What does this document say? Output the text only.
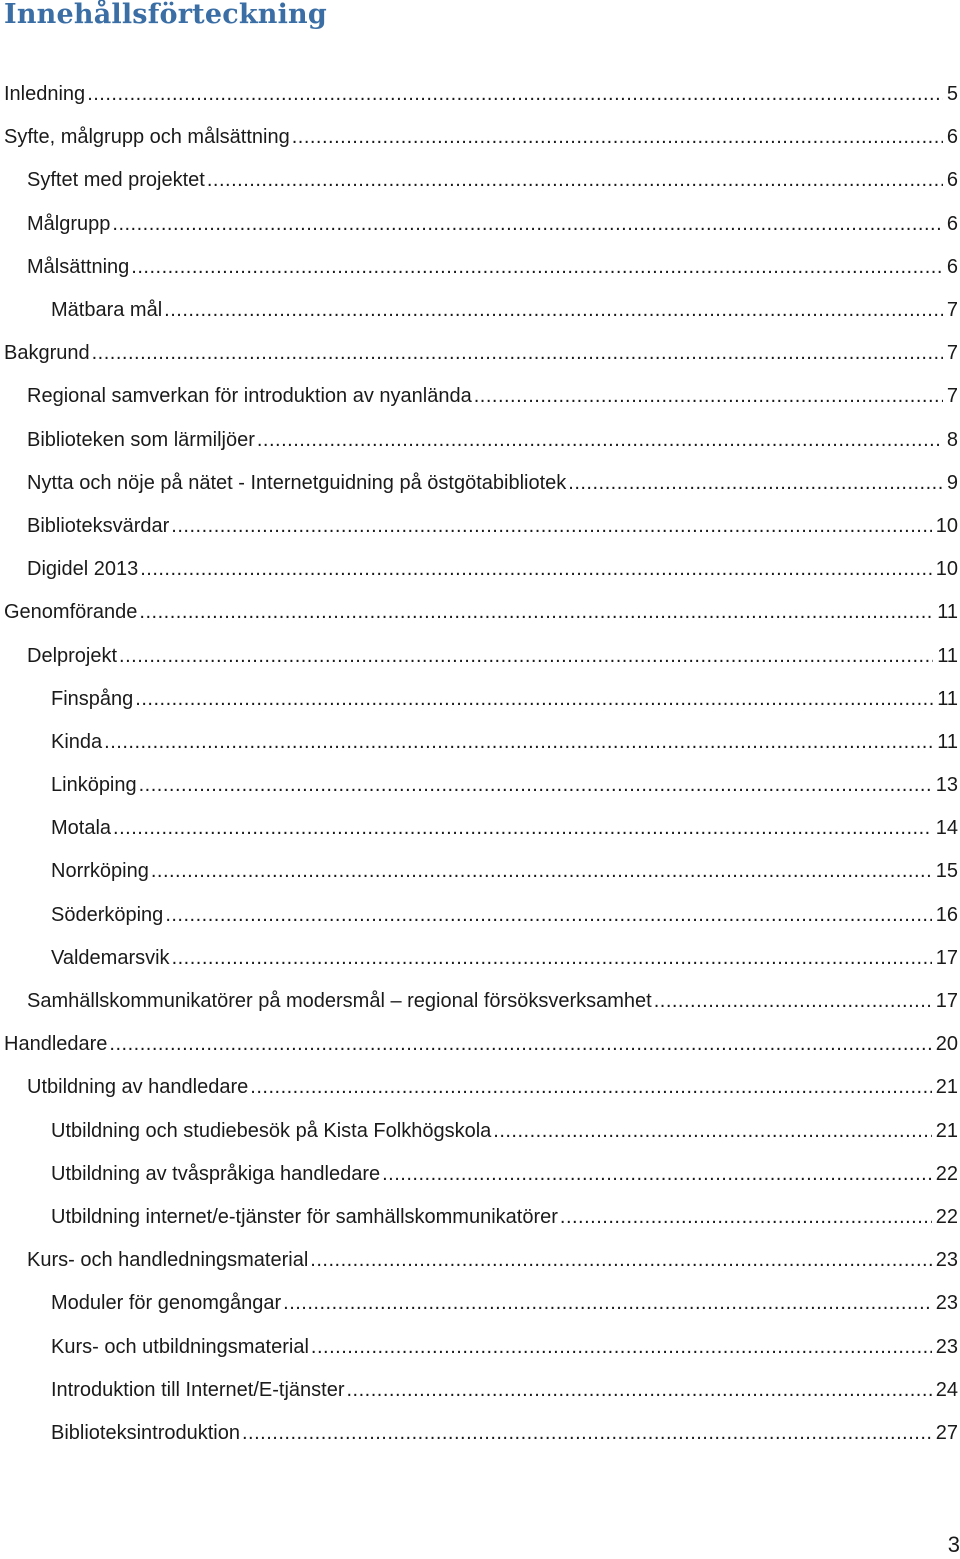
Innehållsförteckning
Inledning .....	5
Syfte, målgrupp och målsättning .....	6
Syftet med projektet .....	6
Målgrupp .....	6
Målsättning .....	6
Mätbara mål .....	7
Bakgrund .....	7
Regional samverkan för introduktion av nyanlända .....	7
Biblioteken som lärmiljöer .....	8
Nytta och nöje på nätet - Internetguidning på östgötabibliotek .....	9
Biblioteksvärdar .....	10
Digidel 2013 .....	10
Genomförande .....	11
Delprojekt .....	11
Finspång .....	11
Kinda .....	11
Linköping .....	13
Motala .....	14
Norrköping .....	15
Söderköping .....	16
Valdemarsvik .....	17
Samhällskommunikatörer på modersmål – regional försöksverksamhet .....	17
Handledare .....	20
Utbildning av handledare .....	21
Utbildning och studiebesök på Kista Folkhögskola .....	21
Utbildning av tvåspråkiga handledare .....	22
Utbildning internet/e-tjänster för samhällskommunikatörer .....	22
Kurs- och handledningsmaterial .....	23
Moduler för genomgångar .....	23
Kurs- och utbildningsmaterial .....	23
Introduktion till Internet/E-tjänster .....	24
Biblioteksintroduktion .....	27
3
